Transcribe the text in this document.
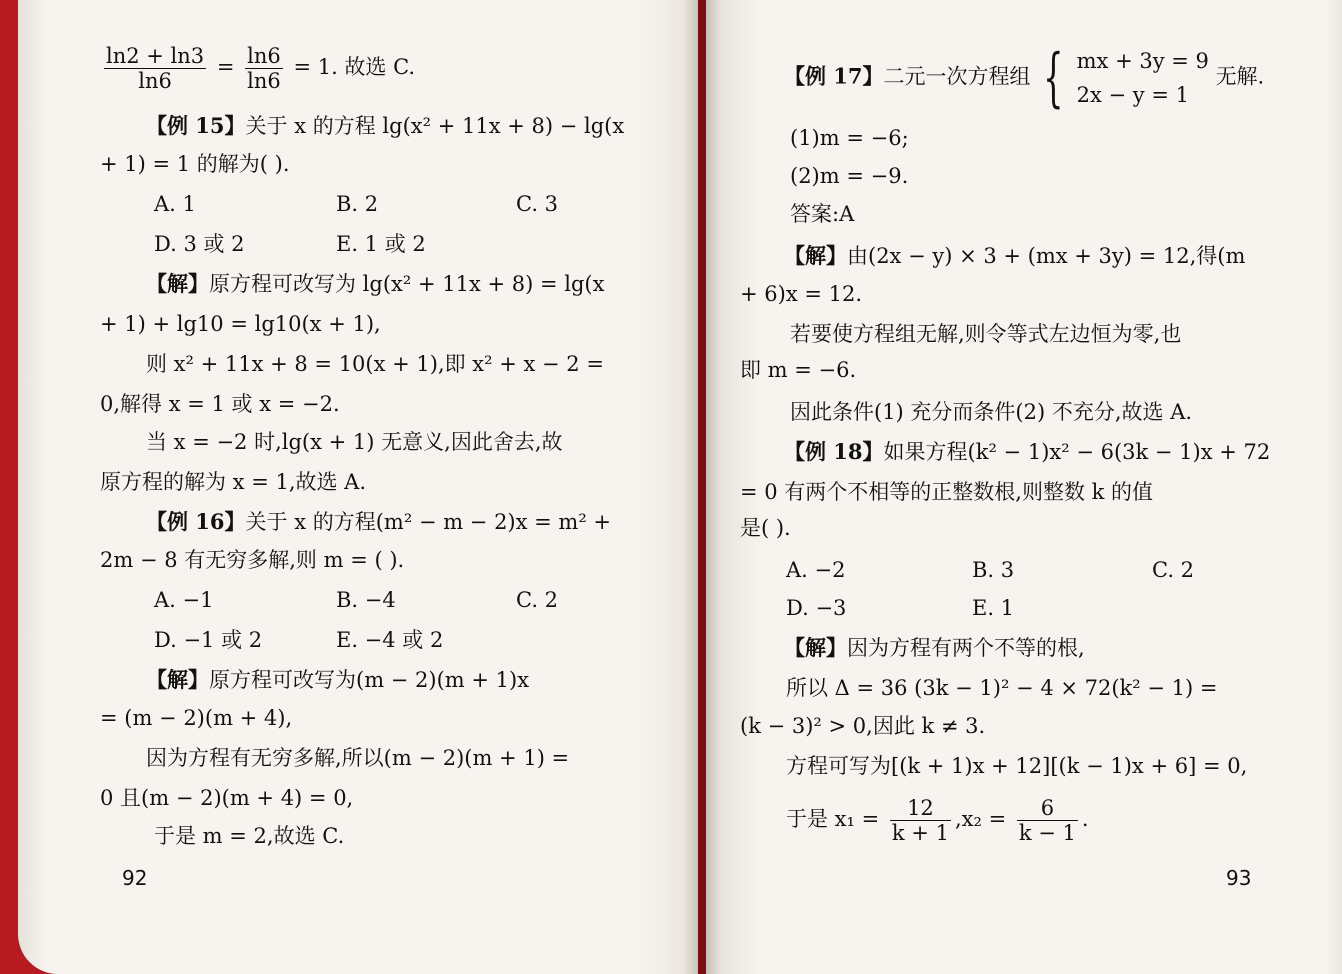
$\frac{\ln 2 + \ln 3}{\ln 6} = \frac{\ln 6}{\ln 6} = 1$. 故选 C.
【例 15】关于 x 的方程 lg(x² + 11x + 8) − lg(x
+ 1) = 1 的解为( ).
A. 1	B. 2	C. 3
D. 3 或 2	E. 1 或 2
【解】原方程可改写为 lg(x² + 11x + 8) = lg(x
+ 1) + lg10 = lg10(x + 1),
则 x² + 11x + 8 = 10(x + 1),即 x² + x − 2 =
0,解得 x = 1 或 x = −2.
当 x = −2 时,lg(x + 1) 无意义,因此舍去,故
原方程的解为 x = 1,故选 A.
【例 16】关于 x 的方程(m² − m − 2)x = m² +
2m − 8 有无穷多解,则 m = ( ).
A. −1	B. −4	C. 2
D. −1 或 2	E. −4 或 2
【解】原方程可改写为(m − 2)(m + 1)x
= (m − 2)(m + 4),
因为方程有无穷多解,所以(m − 2)(m + 1) =
0 且(m − 2)(m + 4) = 0,
于是 m = 2,故选 C.
92
【例 17】二元一次方程组 { mx + 3y = 9
2x − y = 1
无解.
(1)m = −6;
(2)m = −9.
答案:A
【解】由(2x − y) × 3 + (mx + 3y) = 12,得(m
+ 6)x = 12.
若要使方程组无解,则令等式左边恒为零,也
即 m = −6.
因此条件(1) 充分而条件(2) 不充分,故选 A.
【例 18】如果方程(k² − 1)x² − 6(3k − 1)x + 72
= 0 有两个不相等的正整数根,则整数 k 的值
是( ).
A. −2	B. 3	C. 2
D. −3	E. 1
【解】因为方程有两个不等的根,
所以 Δ = 36 (3k − 1)² − 4 × 72(k² − 1) =
(k − 3)² > 0,因此 k ≠ 3.
方程可写为[(k + 1)x + 12][(k − 1)x + 6] = 0,
于是 $x_1 = \frac{12}{k + 1} ,x_2 = \frac{6}{k - 1}$ .
93
